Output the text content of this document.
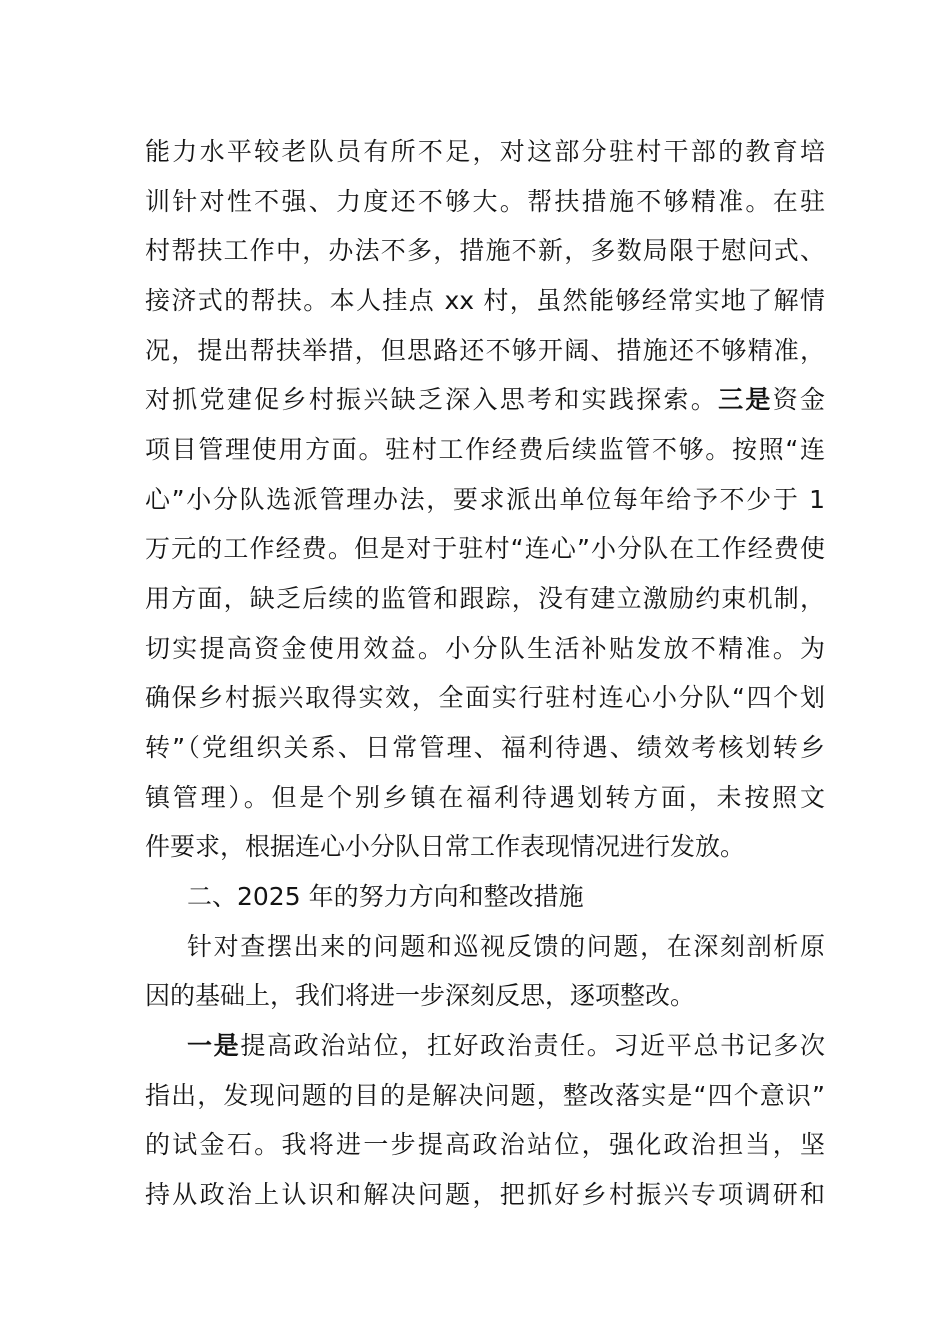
能力水平较老队员有所不足，对这部分驻村干部的教育培
训针对性不强、力度还不够大。帮扶措施不够精准。在驻
村帮扶工作中，办法不多，措施不新，多数局限于慰问式、
接济式的帮扶。本人挂点 xx 村，虽然能够经常实地了解情
况，提出帮扶举措，但思路还不够开阔、措施还不够精准，
对抓党建促乡村振兴缺乏深入思考和实践探索。三是资金
项目管理使用方面。驻村工作经费后续监管不够。按照“连
心”小分队选派管理办法，要求派出单位每年给予不少于 1
万元的工作经费。但是对于驻村“连心”小分队在工作经费使
用方面，缺乏后续的监管和跟踪，没有建立激励约束机制，
切实提高资金使用效益。小分队生活补贴发放不精准。为
确保乡村振兴取得实效，全面实行驻村连心小分队“四个划
转”（党组织关系、日常管理、福利待遇、绩效考核划转乡
镇管理）。但是个别乡镇在福利待遇划转方面，未按照文
件要求，根据连心小分队日常工作表现情况进行发放。
二、2025 年的努力方向和整改措施
针对查摆出来的问题和巡视反馈的问题，在深刻剖析原
因的基础上，我们将进一步深刻反思，逐项整改。
一是提高政治站位，扛好政治责任。习近平总书记多次
指出，发现问题的目的是解决问题，整改落实是“四个意识”
的试金石。我将进一步提高政治站位，强化政治担当，坚
持从政治上认识和解决问题，把抓好乡村振兴专项调研和
